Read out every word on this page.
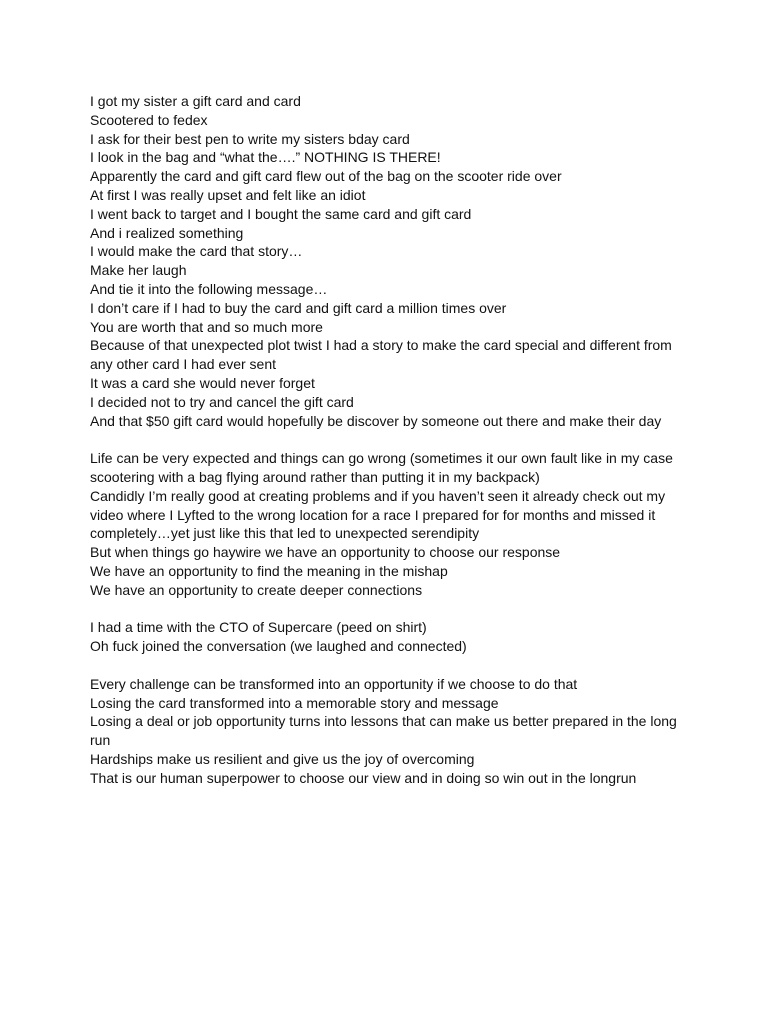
I got my sister a gift card and card
Scootered to fedex
I ask for their best pen to write my sisters bday card
I look in the bag and “what the….” NOTHING IS THERE!
Apparently the card and gift card flew out of the bag on the scooter ride over
At first I was really upset and felt like an idiot
I went back to target and I bought the same card and gift card
And i realized something
I would make the card that story…
Make her laugh
And tie it into the following message…
I don’t care if I had to buy the card and gift card a million times over
You are worth that and so much more
Because of that unexpected plot twist I had a story to make the card special and different from any other card I had ever sent
It was a card she would never forget
I decided not to try and cancel the gift card
And that $50 gift card would hopefully be discover by someone out there and make their day
Life can be very expected and things can go wrong (sometimes it our own fault like in my case scootering with a bag flying around rather than putting it in my backpack)
Candidly I’m really good at creating problems and if you haven’t seen it already check out my video where I Lyfted to the wrong location for a race I prepared for for months and missed it completely…yet just like this that led to unexpected serendipity
But when things go haywire we have an opportunity to choose our response
We have an opportunity to find the meaning in the mishap
We have an opportunity to create deeper connections
I had a time with the CTO of Supercare (peed on shirt)
Oh fuck joined the conversation (we laughed and connected)
Every challenge can be transformed into an opportunity if we choose to do that
Losing the card transformed into a memorable story and message
Losing a deal or job opportunity turns into lessons that can make us better prepared in the long run
Hardships make us resilient and give us the joy of overcoming
That is our human superpower to choose our view and in doing so win out in the longrun
